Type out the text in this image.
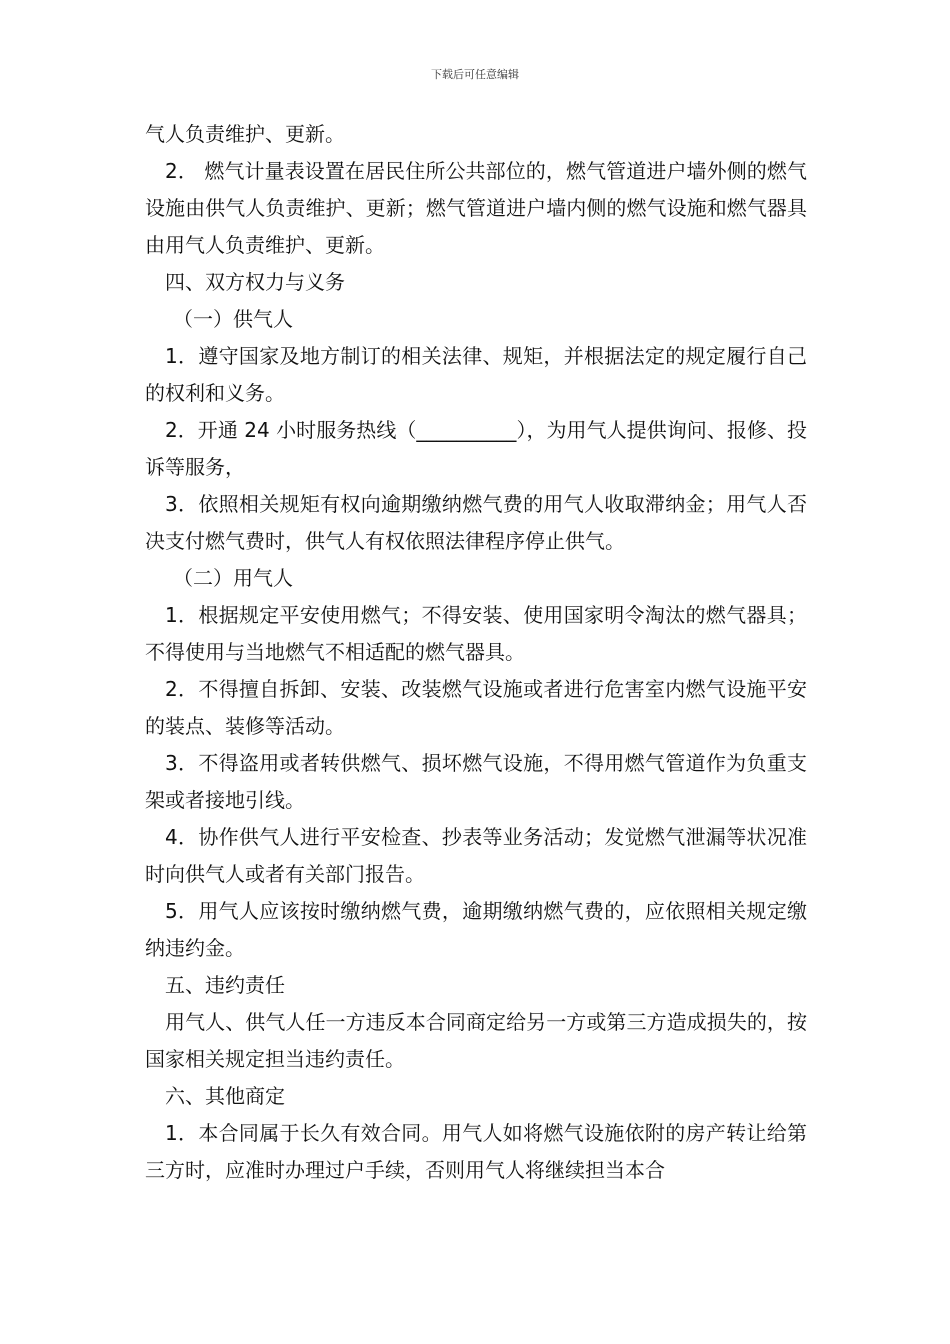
下载后可任意编辑

气人负责维护、更新。

2． 燃气计量表设置在居民住所公共部位的，燃气管道进户墙外侧的燃气设施由供气人负责维护、更新；燃气管道进户墙内侧的燃气设施和燃气器具由用气人负责维护、更新。

四、双方权力与义务

（一）供气人

1．遵守国家及地方制订的相关法律、规矩，并根据法定的规定履行自己的权利和义务。

2．开通 24 小时服务热线（__________），为用气人提供询问、报修、投诉等服务，

3．依照相关规矩有权向逾期缴纳燃气费的用气人收取滞纳金；用气人否决支付燃气费时，供气人有权依照法律程序停止供气。

（二）用气人

1．根据规定平安使用燃气；不得安装、使用国家明令淘汰的燃气器具；不得使用与当地燃气不相适配的燃气器具。

2．不得擅自拆卸、安装、改装燃气设施或者进行危害室内燃气设施平安的装点、装修等活动。

3．不得盗用或者转供燃气、损坏燃气设施，不得用燃气管道作为负重支架或者接地引线。

4．协作供气人进行平安检查、抄表等业务活动；发觉燃气泄漏等状况准时向供气人或者有关部门报告。

5．用气人应该按时缴纳燃气费，逾期缴纳燃气费的，应依照相关规定缴纳违约金。

五、违约责任

用气人、供气人任一方违反本合同商定给另一方或第三方造成损失的，按国家相关规定担当违约责任。

六、其他商定

1．本合同属于长久有效合同。用气人如将燃气设施依附的房产转让给第三方时，应准时办理过户手续，否则用气人将继续担当本合
